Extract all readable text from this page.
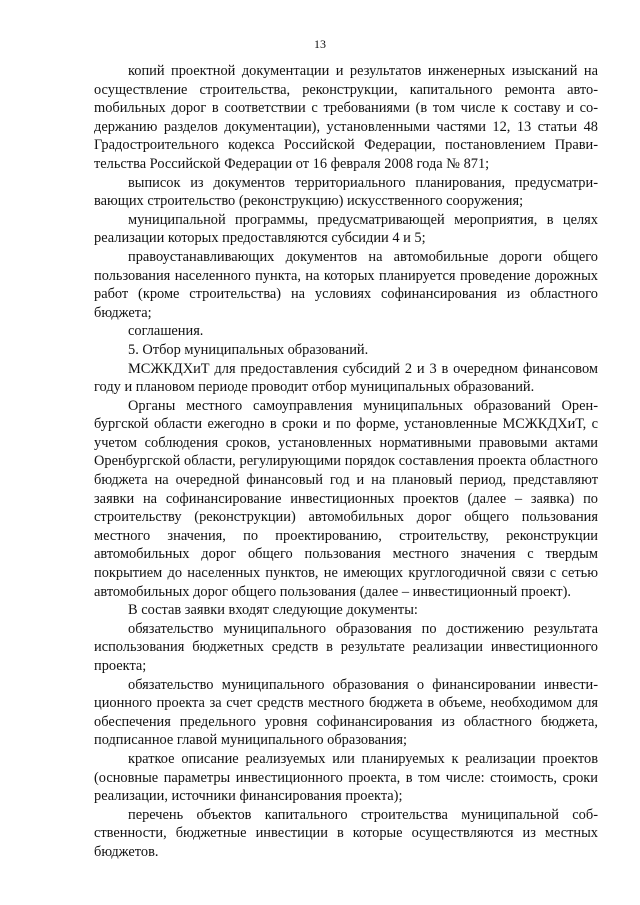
13

копий проектной документации и результатов инженерных изысканий на осуществление строительства, реконструкции, капитального ремонта автоmобильных дорог в соответствии с требованиями (в том числе к составу и содержанию разделов документации), установленными частями 12, 13 статьи 48 Градостроительного кодекса Российской Федерации, постановлением Правительства Российской Федерации от 16 февраля 2008 года № 871;

выписок из документов территориального планирования, предусматривающих строительство (реконструкцию) искусственного сооружения;

муниципальной программы, предусматривающей мероприятия, в целях реализации которых предоставляются субсидии 4 и 5;

правоустанавливающих документов на автомобильные дороги общего пользования населенного пункта, на которых планируется проведение дорожных работ (кроме строительства) на условиях софинансирования из областного бюджета;

соглашения.

5. Отбор муниципальных образований.

МСЖКДХиТ для предоставления субсидий 2 и 3 в очередном финансовом году и плановом периоде проводит отбор муниципальных образований.

Органы местного самоуправления муниципальных образований Оренбургской области ежегодно в сроки и по форме, установленные МСЖКДХиТ, с учетом соблюдения сроков, установленных нормативными правовыми актами Оренбургской области, регулирующими порядок составления проекта областного бюджета на очередной финансовый год и на плановый период, представляют заявки на софинансирование инвестиционных проектов (далее – заявка) по строительству (реконструкции) автомобильных дорог общего пользования местного значения, по проектированию, строительству, реконструкции автомобильных дорог общего пользования местного значения с твердым покрытием до населенных пунктов, не имеющих круглогодичной связи с сетью автомобильных дорог общего пользования (далее – инвестиционный проект).

В состав заявки входят следующие документы:

обязательство муниципального образования по достижению результата использования бюджетных средств в результате реализации инвестиционного проекта;

обязательство муниципального образования о финансировании инвестиционного проекта за счет средств местного бюджета в объеме, необходимом для обеспечения предельного уровня софинансирования из областного бюджета, подписанное главой муниципального образования;

краткое описание реализуемых или планируемых к реализации проектов (основные параметры инвестиционного проекта, в том числе: стоимость, сроки реализации, источники финансирования проекта);

перечень объектов капитального строительства муниципальной собственности, бюджетные инвестиции в которые осуществляются из местных бюджетов.
